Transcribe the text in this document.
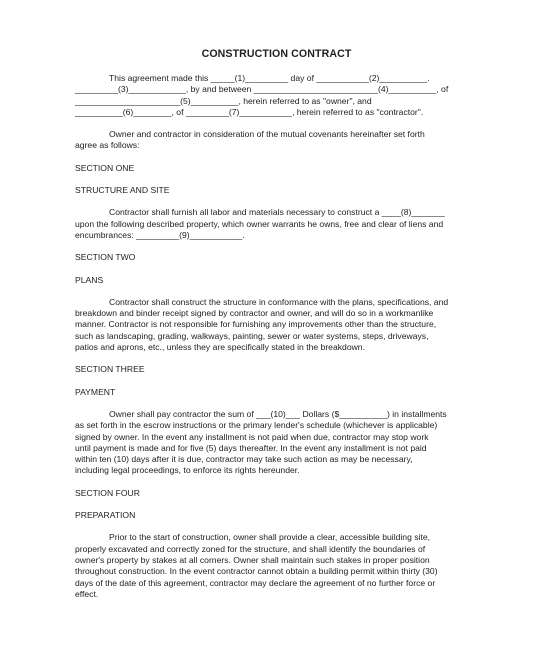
CONSTRUCTION CONTRACT

This agreement made this _____(1)_________ day of ___________(2)__________.
_________(3)____________, by and between __________________________(4)__________, of
______________________(5)__________, herein referred to as "owner", and
__________(6)________, of _________(7)___________, herein referred to as "contractor".

Owner and contractor in consideration of the mutual covenants hereinafter set forth
agree as follows:

SECTION ONE
STRUCTURE AND SITE

Contractor shall furnish all labor and materials necessary to construct a ____(8)_______
upon the following described property, which owner warrants he owns, free and clear of liens and
encumbrances: _________(9)___________.

SECTION TWO
PLANS

Contractor shall construct the structure in conformance with the plans, specifications, and
breakdown and binder receipt signed by contractor and owner, and will do so in a workmanlike
manner. Contractor is not responsible for furnishing any improvements other than the structure,
such as landscaping, grading, walkways, painting, sewer or water systems, steps, driveways,
patios and aprons, etc., unless they are specifically stated in the breakdown.

SECTION THREE
PAYMENT

Owner shall pay contractor the sum of ___(10)___ Dollars ($__________) in installments
as set forth in the escrow instructions or the primary lender's schedule (whichever is applicable)
signed by owner. In the event any installment is not paid when due, contractor may stop work
until payment is made and for five (5) days thereafter. In the event any installment is not paid
within ten (10) days after it is due, contractor may take such action as may be necessary,
including legal proceedings, to enforce its rights hereunder.

SECTION FOUR
PREPARATION

Prior to the start of construction, owner shall provide a clear, accessible building site,
properly excavated and correctly zoned for the structure, and shall identify the boundaries of
owner's property by stakes at all corners. Owner shall maintain such stakes in proper position
throughout construction. In the event contractor cannot obtain a building permit within thirty (30)
days of the date of this agreement, contractor may declare the agreement of no further force or
effect.
